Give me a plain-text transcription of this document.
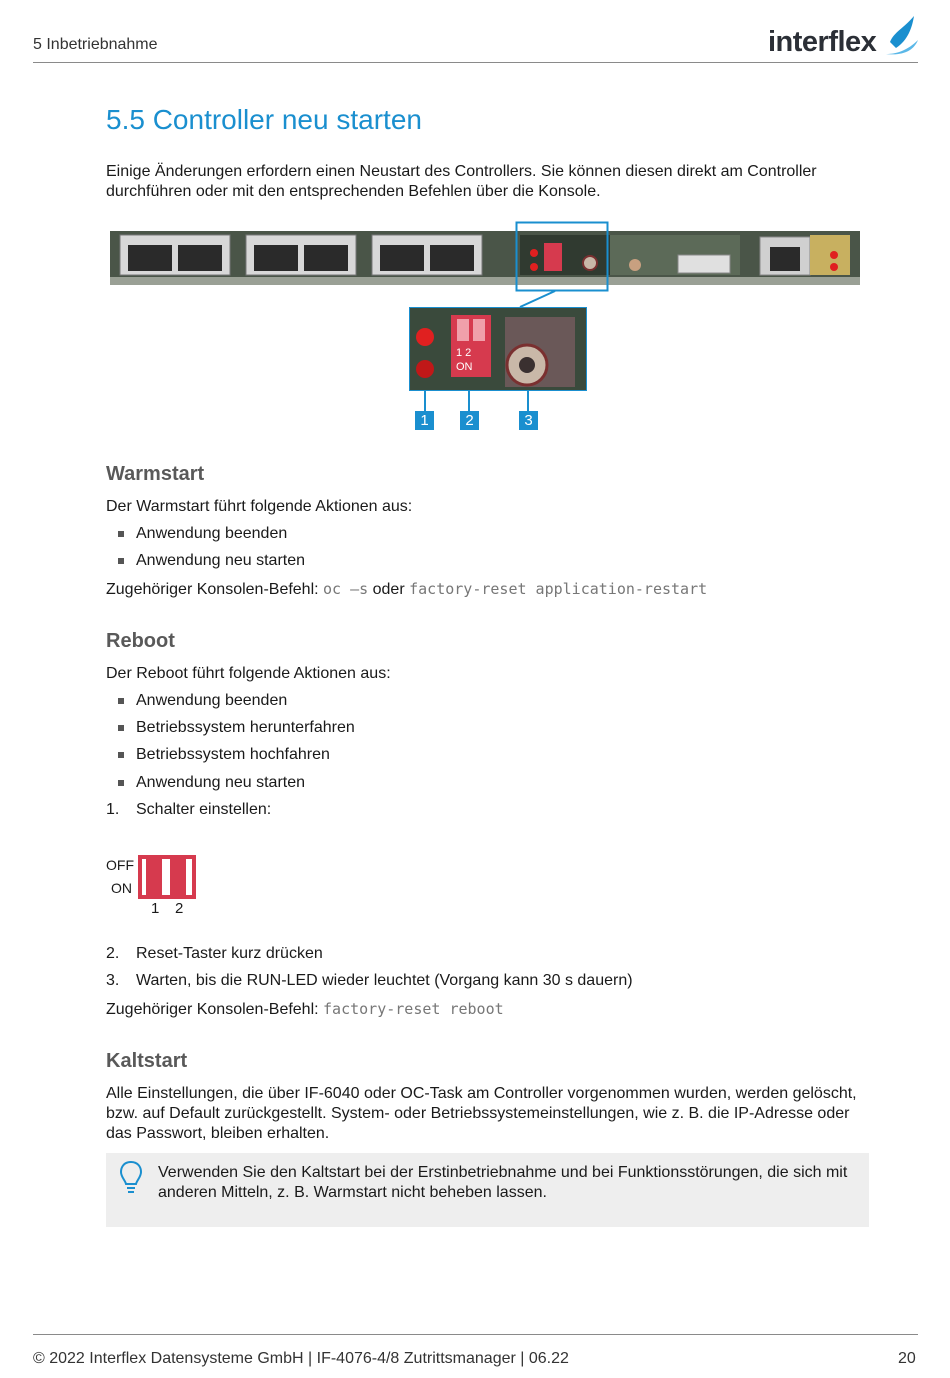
5 Inbetriebnahme	interflex
5.5 Controller neu starten
Einige Änderungen erfordern einen Neustart des Controllers. Sie können diesen direkt am Controller durchführen oder mit den entsprechenden Befehlen über die Konsole.
1 2
ON
1	2	3
Warmstart
Der Warmstart führt folgende Aktionen aus:
Anwendung beenden
Anwendung neu starten
Zugehöriger Konsolen-Befehl: oc –s oder factory-reset application-restart
Reboot
Der Reboot führt folgende Aktionen aus:
Anwendung beenden
Betriebssystem herunterfahren
Betriebssystem hochfahren
Anwendung neu starten
1. Schalter einstellen:
OFF
ON
1 2
2. Reset-Taster kurz drücken
3. Warten, bis die RUN-LED wieder leuchtet (Vorgang kann 30 s dauern)
Zugehöriger Konsolen-Befehl: factory-reset reboot
Kaltstart
Alle Einstellungen, die über IF-6040 oder OC-Task am Controller vorgenommen wurden, werden gelöscht, bzw. auf Default zurückgestellt. System- oder Betriebssystemeinstellungen, wie z. B. die IP-Adresse oder das Passwort, bleiben erhalten.
Verwenden Sie den Kaltstart bei der Erstinbetriebnahme und bei Funktionsstörungen, die sich mit anderen Mitteln, z. B. Warmstart nicht beheben lassen.
© 2022 Interflex Datensysteme GmbH | IF-4076-4/8 Zutrittsmanager | 06.22	20
